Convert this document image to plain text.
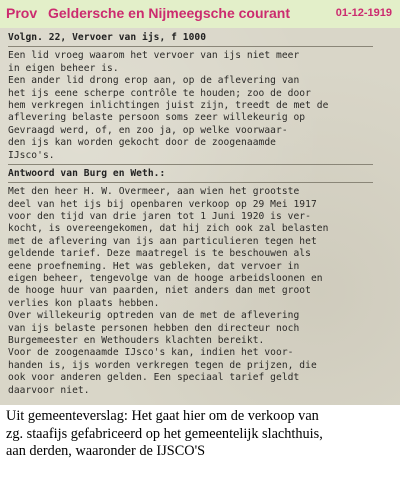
Prov Geldersche en Nijmeegsche courant	01-12-1919
Volgn. 22, Vervoer van ijs, f 1000
Een lid vroeg waarom het vervoer van ijs niet meer
in eigen beheer is.
Een ander lid drong erop aan, op de aflevering van
het ijs eene scherpe contrôle te houden; zoo de door
hem verkregen inlichtingen juist zijn, treedt de met de
aflevering belaste persoon soms zeer willekeurig op
Gevraagd werd, of, en zoo ja, op welke voorwaar-
den ijs kan worden gekocht door de zoogenaamde
IJsco's.
Antwoord van Burg en Weth.:
Met den heer H. W. Overmeer, aan wien het grootste
deel van het ijs bij openbaren verkoop op 29 Mei 1917
voor den tijd van drie jaren tot 1 Juni 1920 is ver-
kocht, is overeengekomen, dat hij zich ook zal belasten
met de aflevering van ijs aan particulieren tegen het
geldende tarief. Deze maatregel is te beschouwen als
eene proefneming. Het was gebleken, dat vervoer in
eigen beheer, tengevolge van de hooge arbeidsloonen en
de hooge huur van paarden, niet anders dan met groot
verlies kon plaats hebben.
Over willekeurig optreden van de met de aflevering
van ijs belaste personen hebben den directeur noch
Burgemeester en Wethouders klachten bereikt.
Voor de zoogenaamde IJsco's kan, indien het voor-
handen is, ijs worden verkregen tegen de prijzen, die
ook voor anderen gelden. Een speciaal tarief geldt
daarvoor niet.
Uit gemeenteverslag: Het gaat hier om de verkoop van
zg. staafijs gefabriceerd op het gemeentelijk slachthuis,
aan derden, waaronder de IJSCO'S
